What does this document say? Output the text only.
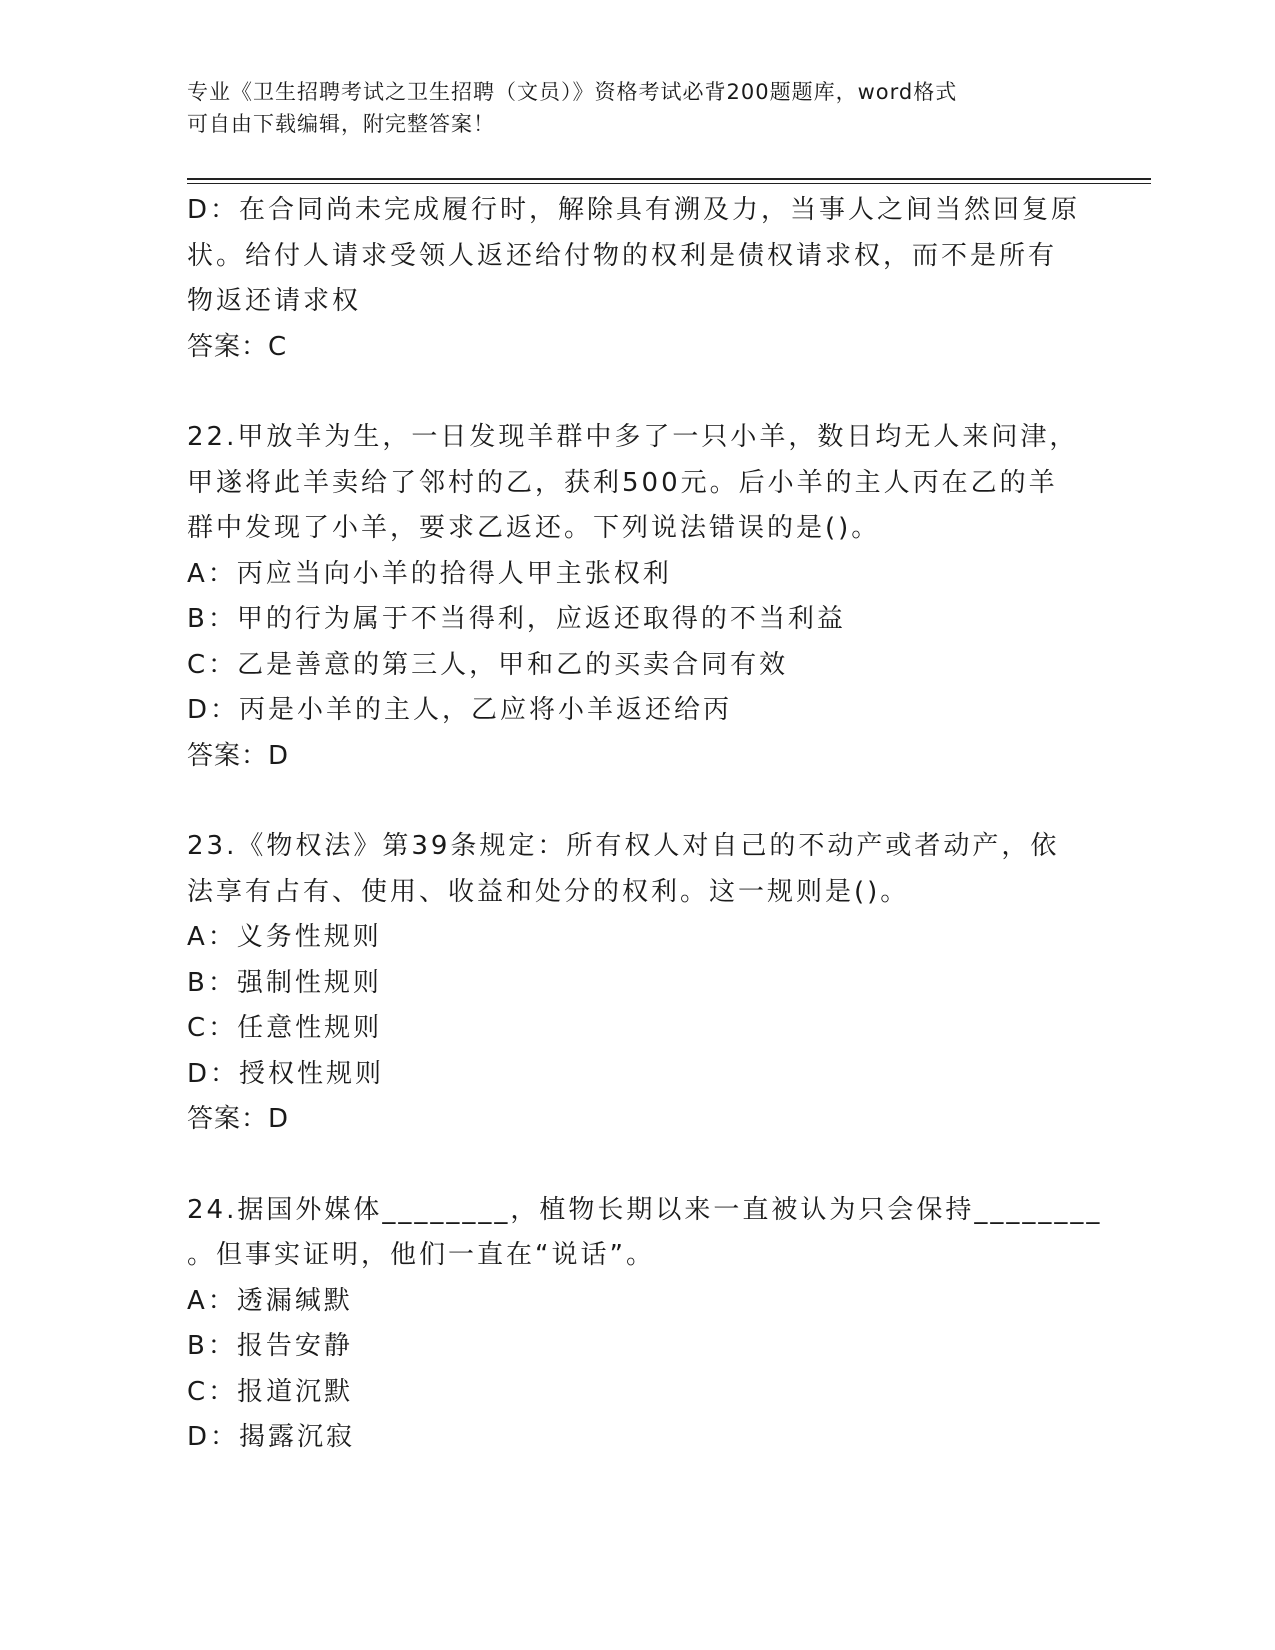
专业《卫生招聘考试之卫生招聘（文员）》资格考试必背200题题库，word格式
可自由下载编辑，附完整答案！
D：在合同尚未完成履行时，解除具有溯及力，当事人之间当然回复原
状。给付人请求受领人返还给付物的权利是债权请求权，而不是所有
物返还请求权
答案：C
22.甲放羊为生，一日发现羊群中多了一只小羊，数日均无人来问津，
甲遂将此羊卖给了邻村的乙，获利500元。后小羊的主人丙在乙的羊
群中发现了小羊，要求乙返还。下列说法错误的是()。
A：丙应当向小羊的拾得人甲主张权利
B：甲的行为属于不当得利，应返还取得的不当利益
C：乙是善意的第三人，甲和乙的买卖合同有效
D：丙是小羊的主人，乙应将小羊返还给丙
答案：D
23.《物权法》第39条规定：所有权人对自己的不动产或者动产，依
法享有占有、使用、收益和处分的权利。这一规则是()。
A：义务性规则
B：强制性规则
C：任意性规则
D：授权性规则
答案：D
24.据国外媒体________，植物长期以来一直被认为只会保持________
。但事实证明，他们一直在“说话”。
A：透漏缄默
B：报告安静
C：报道沉默
D：揭露沉寂
